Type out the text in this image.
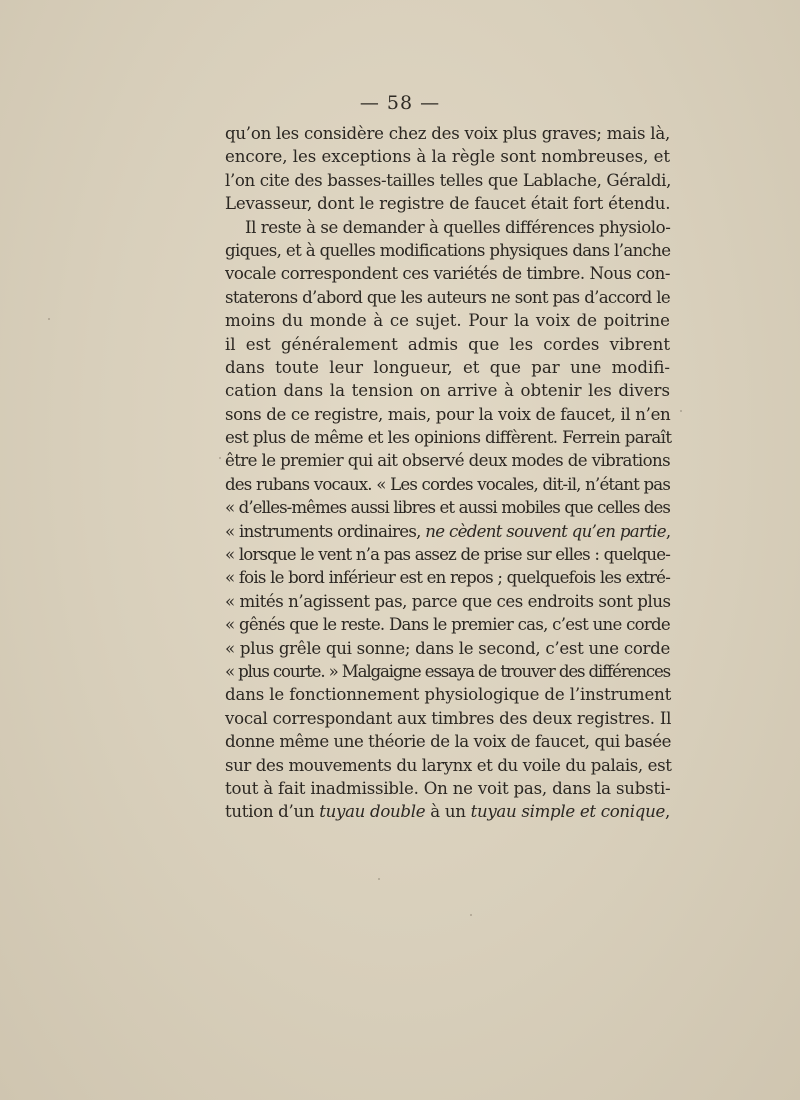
— 58 —
qu’on les considère chez des voix plus graves; mais là,
encore, les exceptions à la règle sont nombreuses, et
l’on cite des basses-tailles telles que Lablache, Géraldi,
Levasseur, dont le registre de faucet était fort étendu.
Il reste à se demander à quelles différences physiolo-
giques, et à quelles modifications physiques dans l’anche
vocale correspondent ces variétés de timbre. Nous con-
staterons d’abord que les auteurs ne sont pas d’accord le
moins du monde à ce sujet. Pour la voix de poitrine
il est généralement admis que les cordes vibrent
dans toute leur longueur, et que par une modifi-
cation dans la tension on arrive à obtenir les divers
sons de ce registre, mais, pour la voix de faucet, il n’en
est plus de même et les opinions diffèrent. Ferrein paraît
être le premier qui ait observé deux modes de vibrations
des rubans vocaux. « Les cordes vocales, dit-il, n’étant pas
« d’elles-mêmes aussi libres et aussi mobiles que celles des
« instruments ordinaires, ne cèdent souvent qu’en partie,
« lorsque le vent n’a pas assez de prise sur elles : quelque-
« fois le bord inférieur est en repos ; quelquefois les extré-
« mités n’agissent pas, parce que ces endroits sont plus
« gênés que le reste. Dans le premier cas, c’est une corde
« plus grêle qui sonne; dans le second, c’est une corde
« plus courte. » Malgaigne essaya de trouver des différences
dans le fonctionnement physiologique de l’instrument
vocal correspondant aux timbres des deux registres. Il
donne même une théorie de la voix de faucet, qui basée
sur des mouvements du larynx et du voile du palais, est
tout à fait inadmissible. On ne voit pas, dans la substi-
tution d’un tuyau double à un tuyau simple et conique,
